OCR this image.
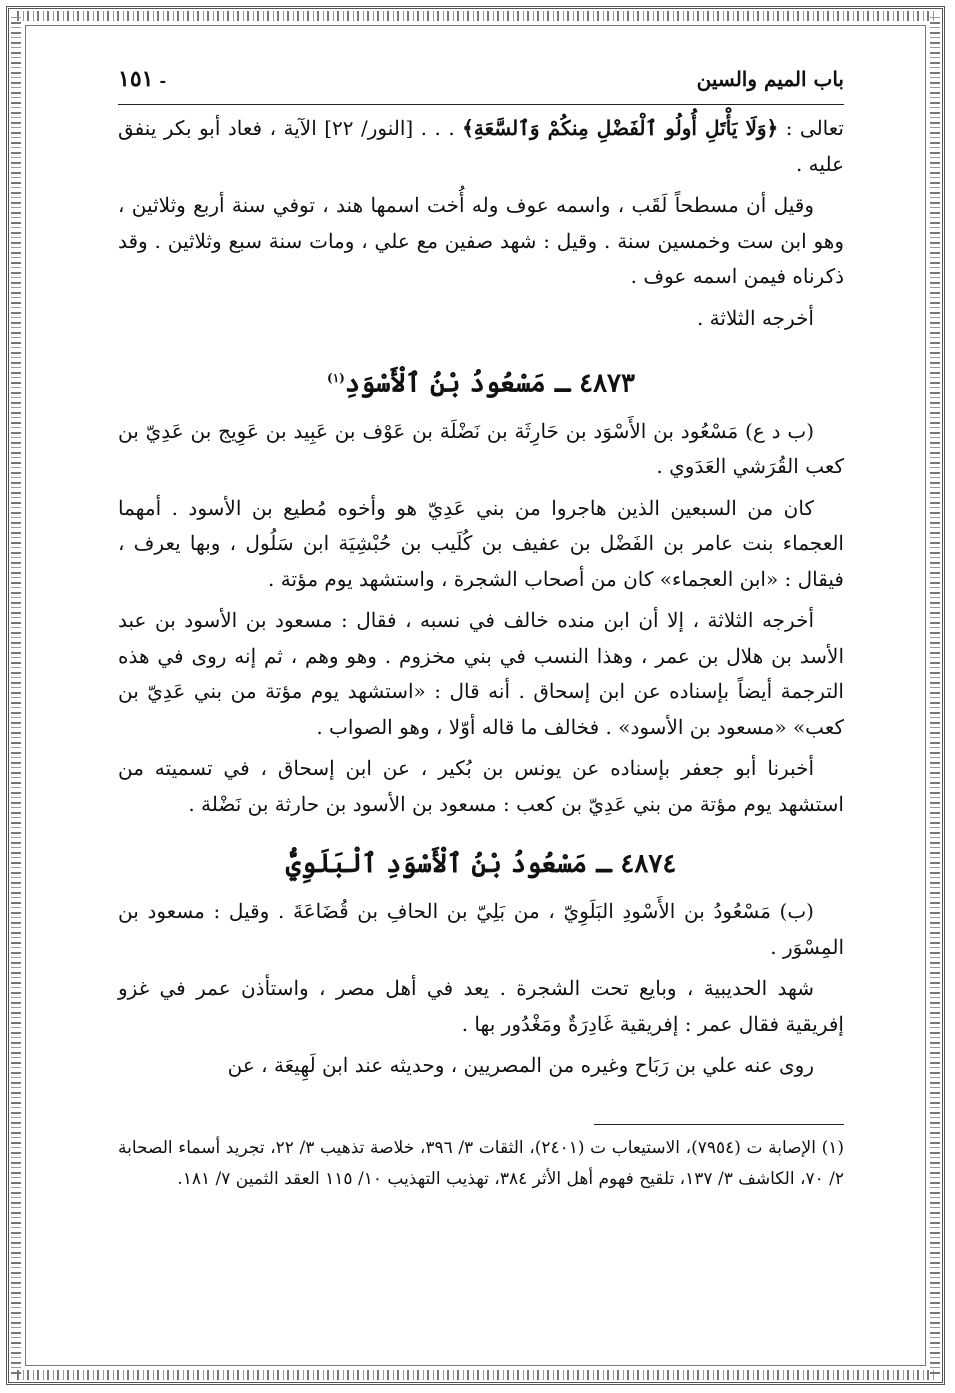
باب الميم والسين
١٥١ -

تعالى : ﴿وَلَا يَأْتَلِ أُولُو ٱلْفَضْلِ مِنكُمْ وَٱلسَّعَةِ﴾ . . . [النور/ ٢٢] الآية ، فعاد أبو بكر ينفق عليه .

وقيل أن مسطحاً لَقَب ، واسمه عوف وله أُخت اسمها هند ، توفي سنة أربع وثلاثين ، وهو ابن ست وخمسين سنة . وقيل : شهد صفين مع علي ، ومات سنة سبع وثلاثين . وقد ذكرناه فيمن اسمه عوف .

أخرجه الثلاثة .

٤٨٧٣ ـ مَسْعُودُ بْنُ ٱلْأَسْوَدِ$^{(١)}$

(ب د ع) مَسْعُود بن الأَسْوَد بن حَارِثَة بن نَضْلَة بن عَوْف بن عَبِيد بن عَوِيج بن عَدِيّ بن كعب القُرَشي العَدَوي .

كان من السبعين الذين هاجروا من بني عَدِيّ هو وأخوه مُطيع بن الأسود . أمهما العجماء بنت عامر بن الفَضْل بن عفيف بن كُلَيب بن حُبْشِيَة ابن سَلُول ، وبها يعرف ، فيقال : «ابن العجماء» كان من أصحاب الشجرة ، واستشهد يوم مؤتة .

أخرجه الثلاثة ، إلا أن ابن منده خالف في نسبه ، فقال : مسعود بن الأسود بن عبد الأسد بن هلال بن عمر ، وهذا النسب في بني مخزوم . وهو وهم ، ثم إنه روى في هذه الترجمة أيضاً بإسناده عن ابن إسحاق . أنه قال : «استشهد يوم مؤتة من بني عَدِيّ بن كعب» «مسعود بن الأسود» . فخالف ما قاله أوّلا ، وهو الصواب .

أخبرنا أبو جعفر بإسناده عن يونس بن بُكير ، عن ابن إسحاق ، في تسميته من استشهد يوم مؤتة من بني عَدِيّ بن كعب : مسعود بن الأسود بن حارثة بن نَضْلة .

٤٨٧٤ ـ مَسْعُودُ بْنُ ٱلْأَسْوَدِ ٱلْبَلَوِيُّ

(ب) مَسْعُودُ بن الأَسْودِ البَلَوِيّ ، من بَلِيّ بن الحافِ بن قُضَاعَةَ . وقيل : مسعود بن المِسْوَر .

شهد الحديبية ، وبايع تحت الشجرة . يعد في أهل مصر ، واستأذن عمر في غزو إفريقية فقال عمر : إفريقية غَادِرَةٌ ومَغْدُور بها .

روى عنه علي بن رَبَاح وغيره من المصريين ، وحديثه عند ابن لَهِيعَة ، عن

(١) الإصابة ت (٧٩٥٤)، الاستيعاب ت (٢٤٠١)، الثقات ٣/ ٣٩٦، خلاصة تذهيب ٣/ ٢٢، تجريد أسماء الصحابة ٢/ ٧٠، الكاشف ٣/ ١٣٧، تلقيح فهوم أهل الأثر ٣٨٤، تهذيب التهذيب ١٠/ ١١٥ العقد الثمين ٧/ ١٨١.
